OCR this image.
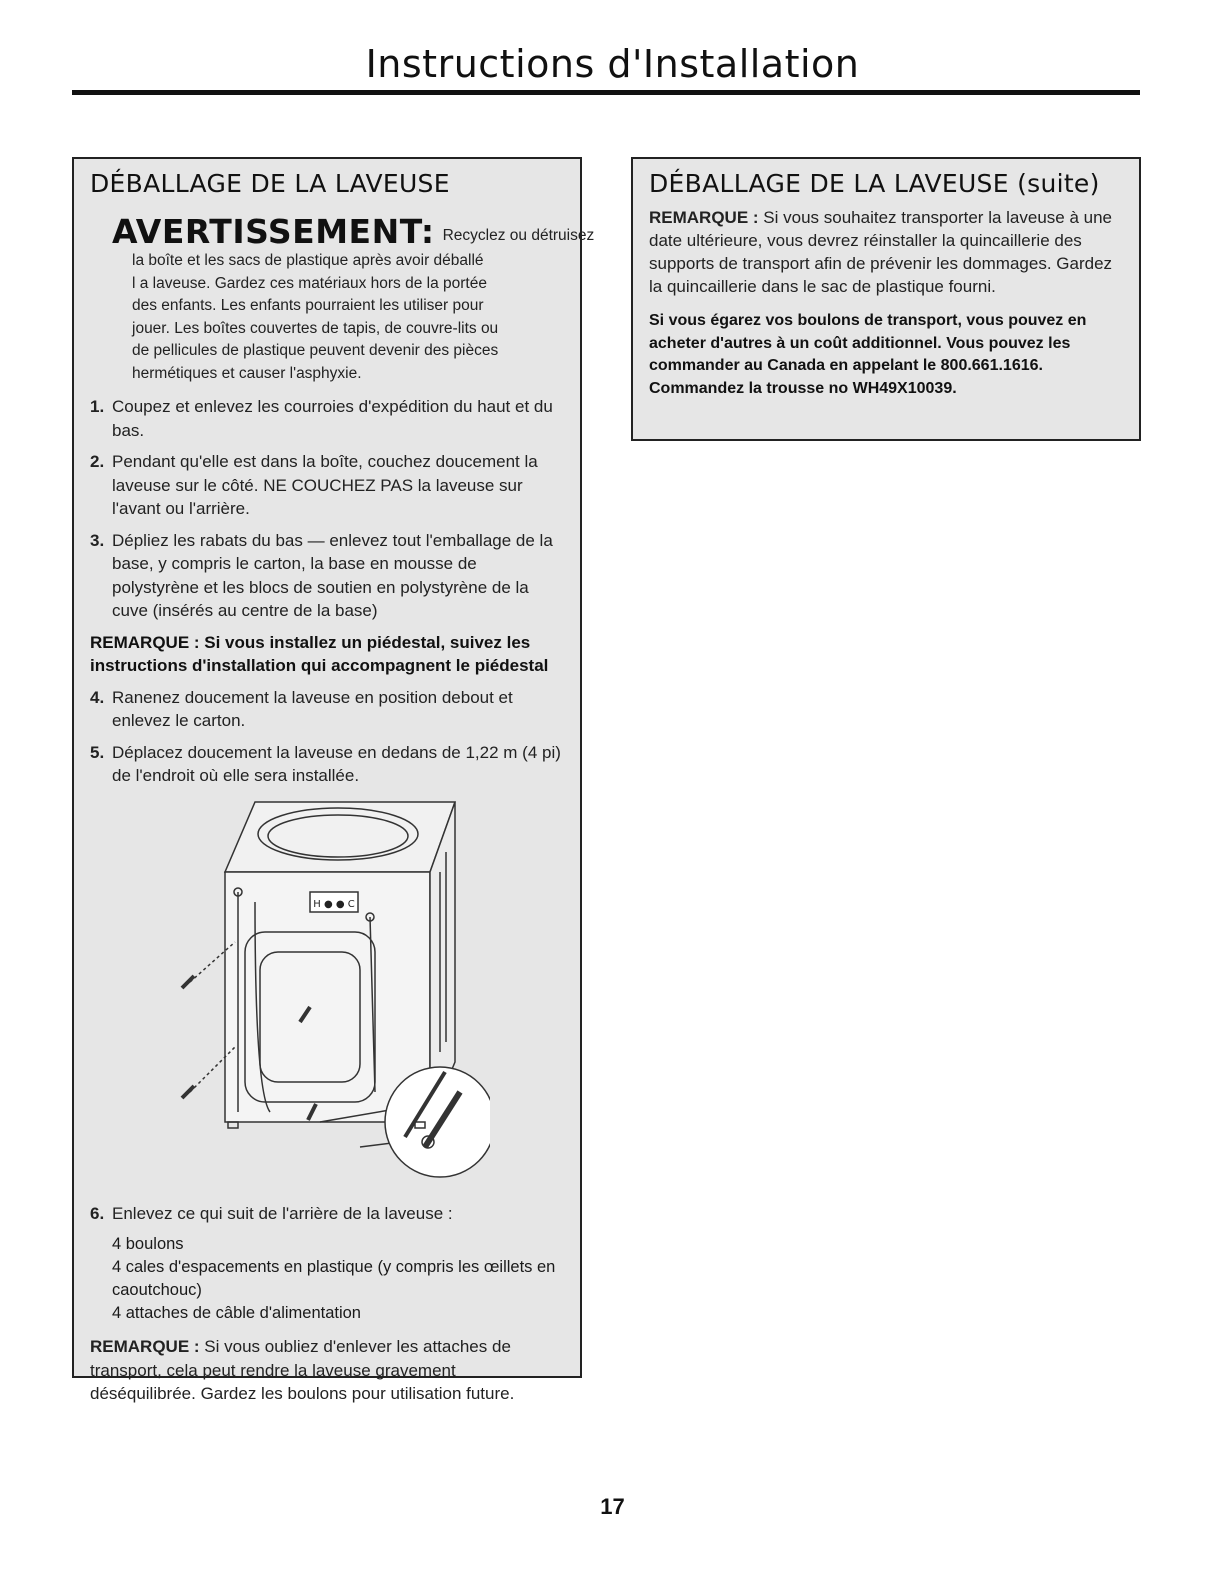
Instructions d'Installation
DÉBALLAGE DE LA LAVEUSE
AVERTISSEMENT: Recyclez ou détruisez
la boîte et les sacs de plastique après avoir déballé
l a laveuse. Gardez ces matériaux hors de la portée
des enfants. Les enfants pourraient les utiliser pour
jouer. Les boîtes couvertes de tapis, de couvre-lits ou
de pellicules de plastique peuvent devenir des pièces
hermétiques et causer l'asphyxie.
1. Coupez et enlevez les courroies d'expédition du haut et du bas.
2. Pendant qu'elle est dans la boîte, couchez doucement la laveuse sur le côté. NE COUCHEZ PAS la laveuse sur l'avant ou l'arrière.
3. Dépliez les rabats du bas — enlevez tout l'emballage de la base, y compris le carton, la base en mousse de polystyrène et les blocs de soutien en polystyrène de la cuve (insérés au centre de la base)
REMARQUE : Si vous installez un piédestal, suivez les instructions d'installation qui accompagnent le piédestal
4. Ranenez doucement la laveuse en position debout et enlevez le carton.
5. Déplacez doucement la laveuse en dedans de 1,22 m (4 pi) de l'endroit où elle sera installée.
H ● ● C
6. Enlevez ce qui suit de l'arrière de la laveuse :
4 boulons
4 cales d'espacements en plastique (y compris les œillets en caoutchouc)
4 attaches de câble d'alimentation
REMARQUE : Si vous oubliez d'enlever les attaches de transport, cela peut rendre la laveuse gravement déséquilibrée. Gardez les boulons pour utilisation future.
DÉBALLAGE DE LA LAVEUSE (suite)
REMARQUE : Si vous souhaitez transporter la laveuse à une date ultérieure, vous devrez réinstaller la quincaillerie des supports de transport afin de prévenir les dommages. Gardez la quincaillerie dans le sac de plastique fourni.
Si vous égarez vos boulons de transport, vous pouvez en acheter d'autres à un coût additionnel. Vous pouvez les commander au Canada en appelant le 800.661.1616. Commandez la trousse no WH49X10039.
17
